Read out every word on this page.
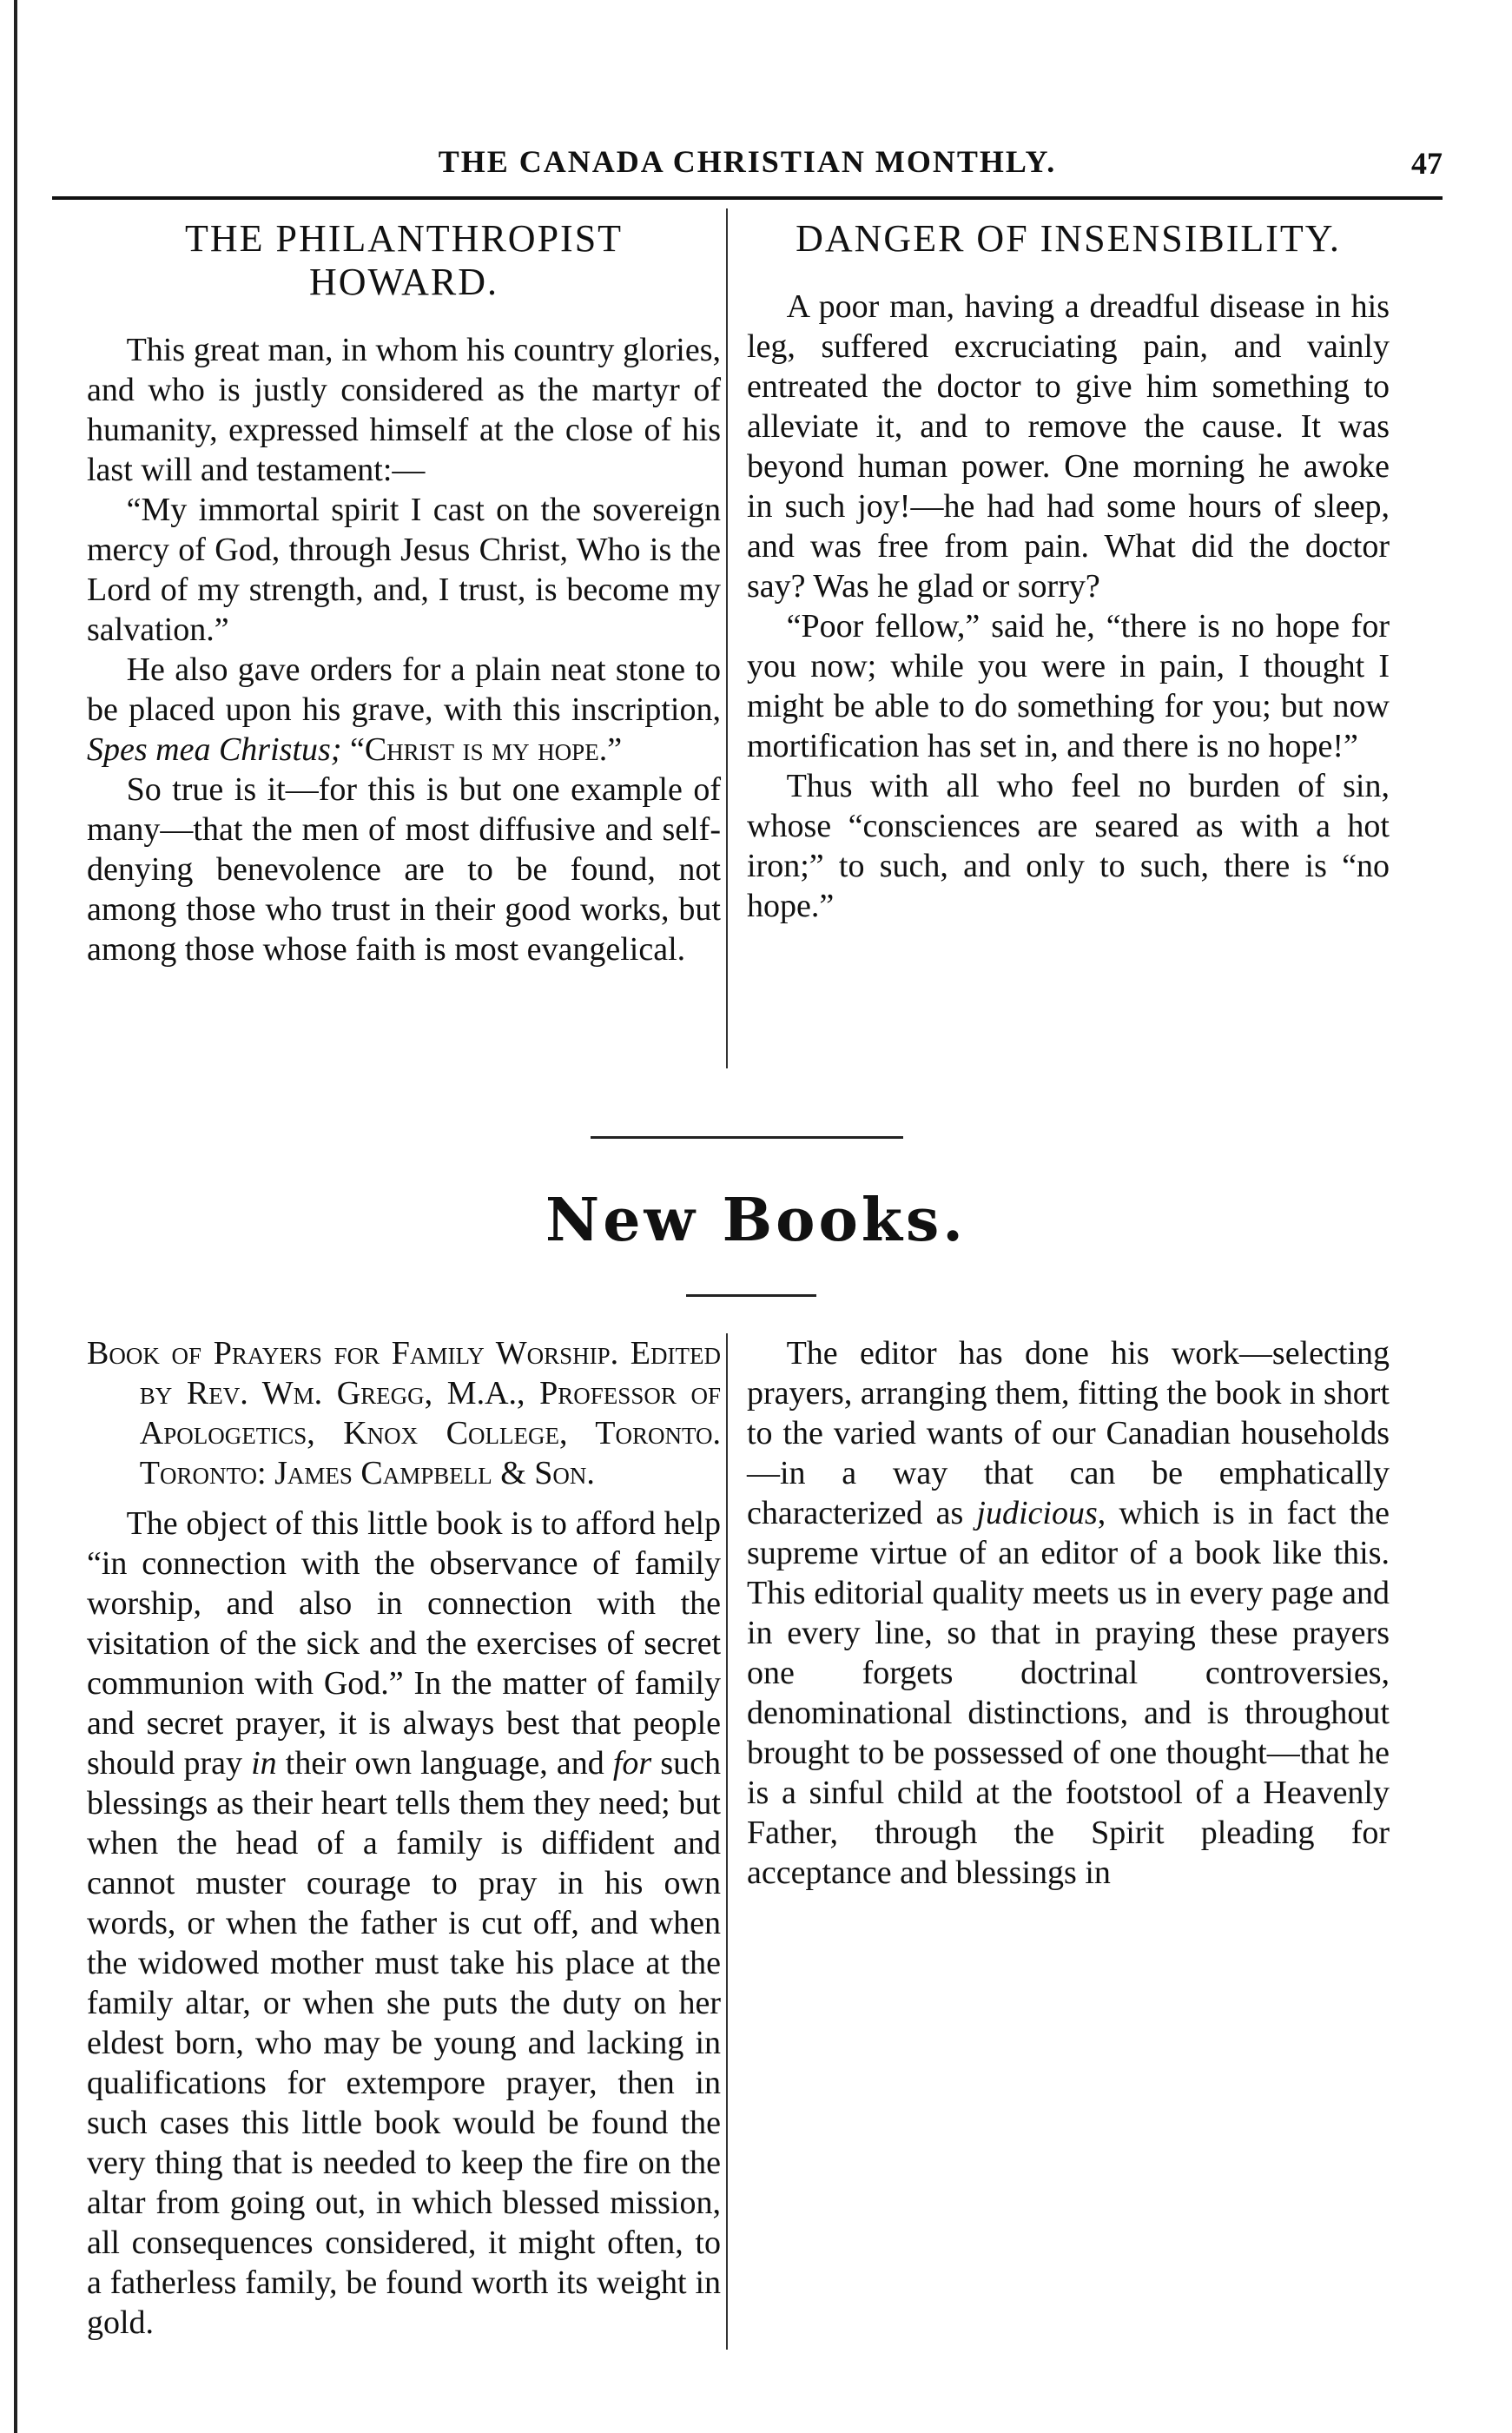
THE CANADA CHRISTIAN MONTHLY.	47
THE PHILANTHROPIST HOWARD.

This great man, in whom his country glories, and who is justly considered as the martyr of humanity, expressed himself at the close of his last will and testament:—

“My immortal spirit I cast on the sovereign mercy of God, through Jesus Christ, Who is the Lord of my strength, and, I trust, is become my salvation.”

He also gave orders for a plain neat stone to be placed upon his grave, with this inscription, Spes mea Christus; “Christ is my hope.”

So true is it—for this is but one example of many—that the men of most diffusive and self-denying benevolence are to be found, not among those who trust in their good works, but among those whose faith is most evangelical.

DANGER OF INSENSIBILITY.

A poor man, having a dreadful disease in his leg, suffered excruciating pain, and vainly entreated the doctor to give him something to alleviate it, and to remove the cause. It was beyond human power. One morning he awoke in such joy!—he had had some hours of sleep, and was free from pain. What did the doctor say? Was he glad or sorry?

“Poor fellow,” said he, “there is no hope for you now; while you were in pain, I thought I might be able to do something for you; but now mortification has set in, and there is no hope!”

Thus with all who feel no burden of sin, whose “consciences are seared as with a hot iron;” to such, and only to such, there is “no hope.”

New Books.

Book of Prayers for Family Worship. Edited by Rev. Wm. Gregg, M.A., Professor of Apologetics, Knox College, Toronto. Toronto: James Campbell & Son.

The object of this little book is to afford help “in connection with the observance of family worship, and also in connection with the visitation of the sick and the exercises of secret communion with God.” In the matter of family and secret prayer, it is always best that people should pray in their own language, and for such blessings as their heart tells them they need; but when the head of a family is diffident and cannot muster courage to pray in his own words, or when the father is cut off, and when the widowed mother must take his place at the family altar, or when she puts the duty on her eldest born, who may be young and lacking in qualifications for extempore prayer, then in such cases this little book would be found the very thing that is needed to keep the fire on the altar from going out, in which blessed mission, all consequences considered, it might often, to a fatherless family, be found worth its weight in gold.

The editor has done his work—selecting prayers, arranging them, fitting the book in short to the varied wants of our Canadian households—in a way that can be emphatically characterized as judicious, which is in fact the supreme virtue of an editor of a book like this. This editorial quality meets us in every page and in every line, so that in praying these prayers one forgets doctrinal controversies, denominational distinctions, and is throughout brought to be possessed of one thought—that he is a sinful child at the footstool of a Heavenly Father, through the Spirit pleading for acceptance and blessings in
